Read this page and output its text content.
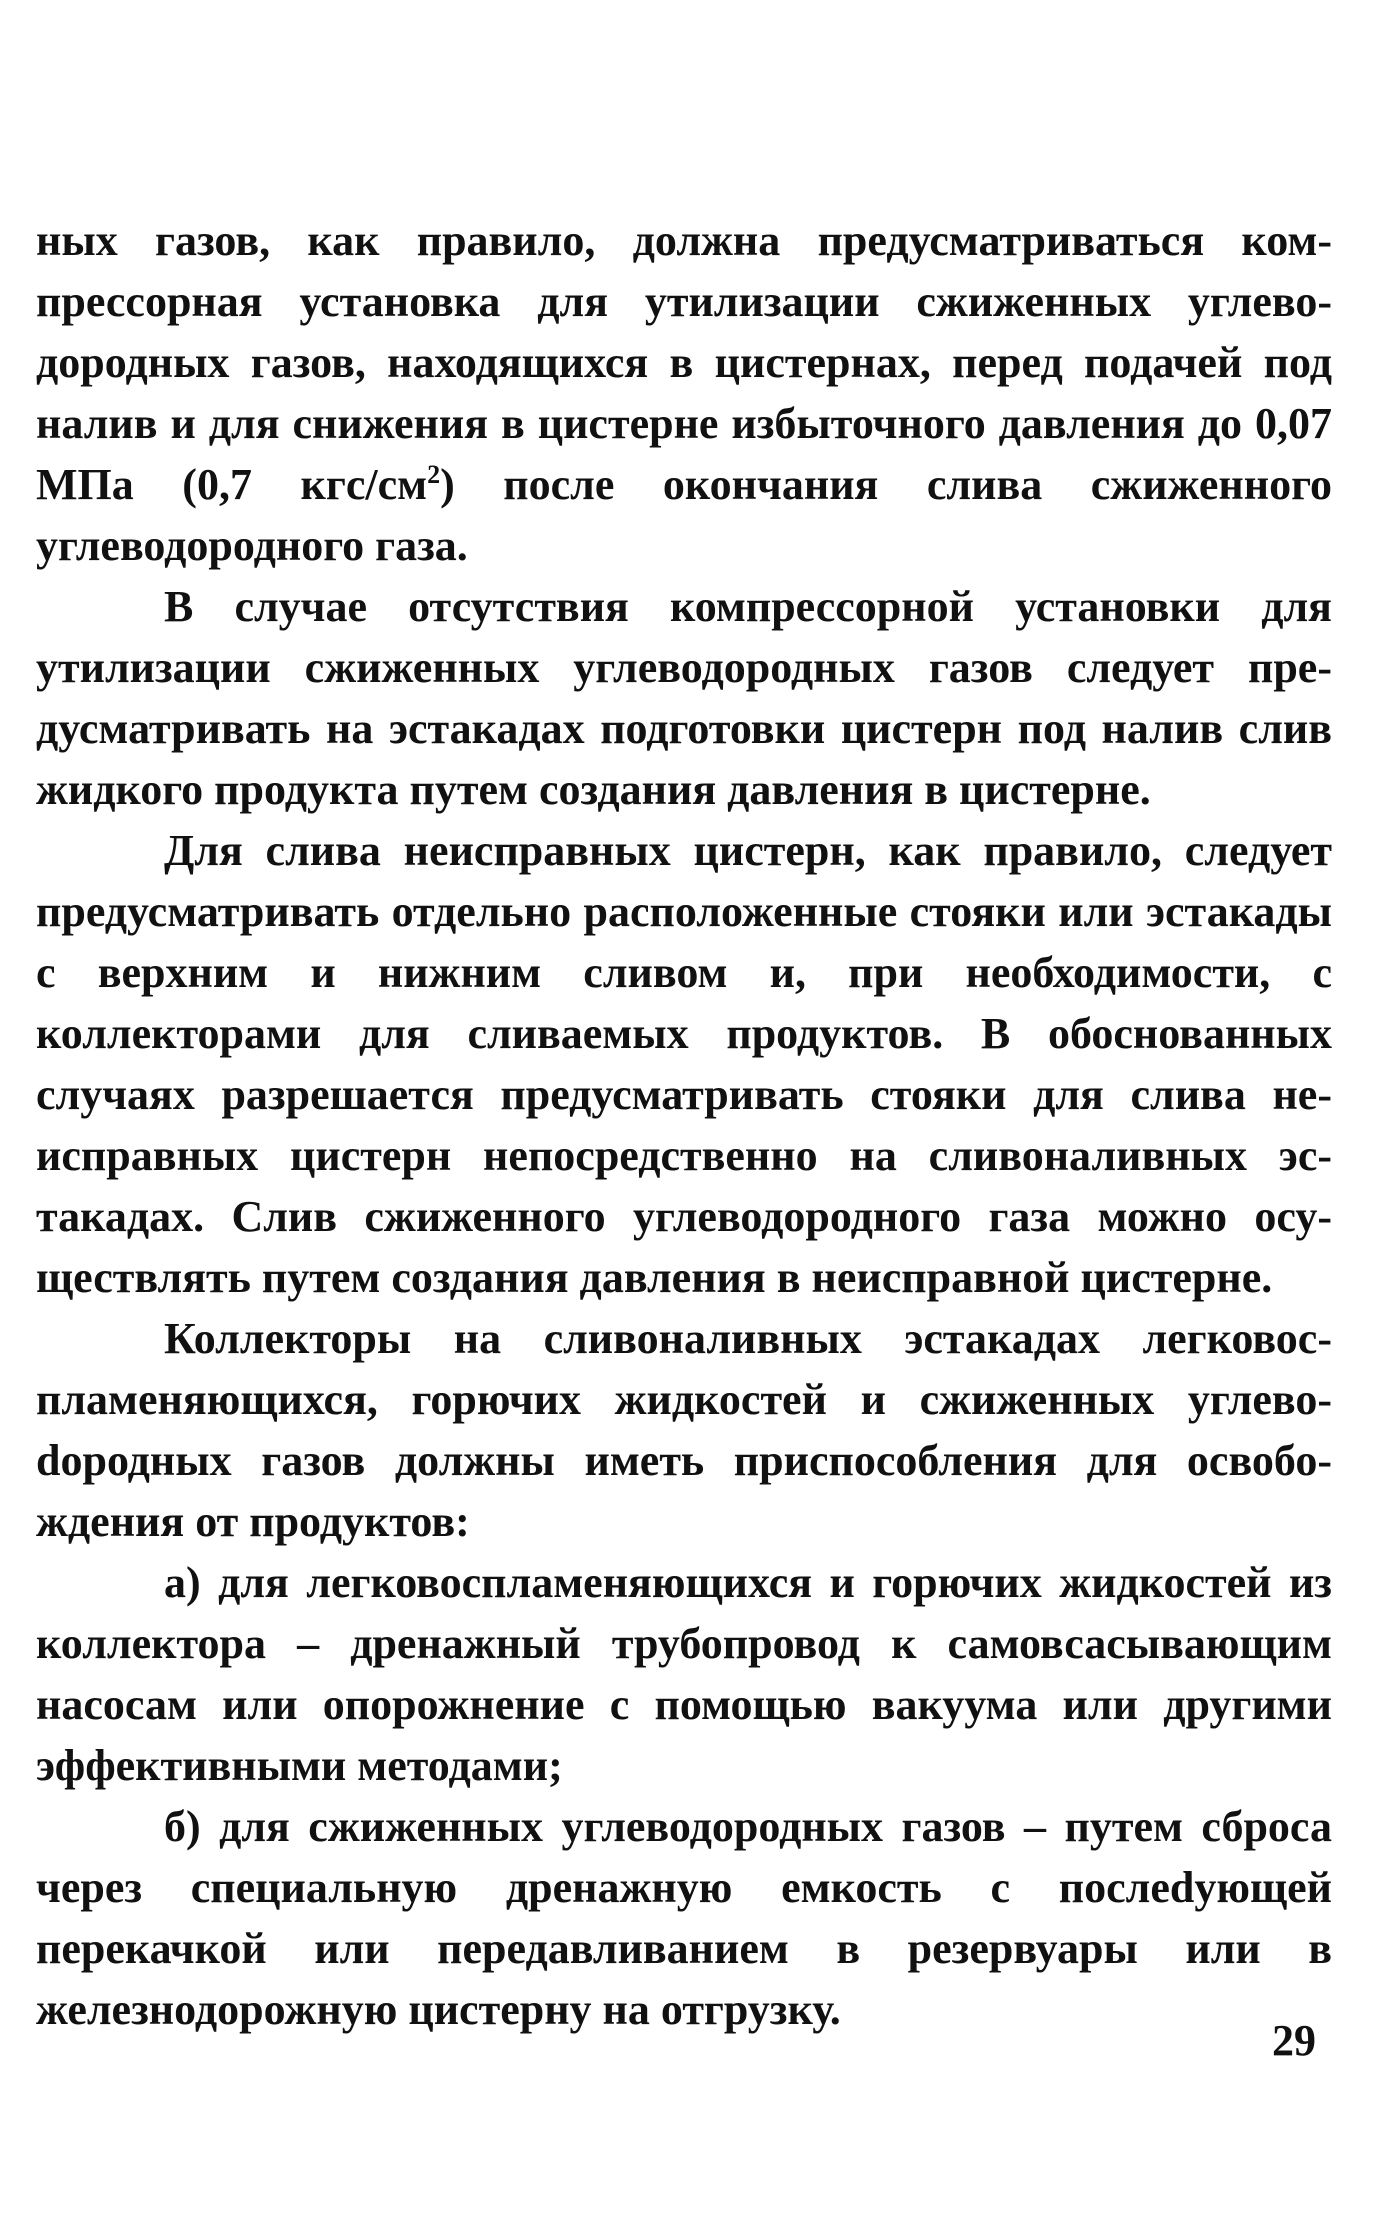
ных газов, как правило, должна предусматриваться компрессорная установка для утилизации сжиженных углеводородных газов, находящихся в цистернах, перед подачей под налив и для снижения в цистерне избыточного давления до 0,07 МПа (0,7 кгс/$см^2$) после окончания слива сжиженного углеводородного газа.

В случае отсутствия компрессорной установки для утилизации сжиженных углеводородных газов следует предусматривать на эстакадах подготовки цистерн под налив слив жидкого продукта путем создания давления в цистерне.

Для слива неисправных цистерн, как правило, следует предусматривать отдельно расположенные стояки или эстакады с верхним и нижним сливом и, при необходимости, с коллекторами для сливаемых продуктов. В обоснованных случаях разрешается предусматривать стояки для слива неисправных цистерн непосредственно на сливоналивных эстакадах. Слив сжиженного углеводородного газа можно осуществлять путем создания давления в неисправной цистерне.

Коллекторы на сливоналивных эстакадах легковоспламеняющихся, горючих жидкостей и сжиженных углевоdородных газов должны иметь приспособления для освобождения от продуктов:

а) для легковоспламеняющихся и горючих жидкостей из коллектора – дренажный трубопровод к самовсасывающим насосам или опорожнение с помощью вакуума или другими эффективными методами;

б) для сжиженных углеводородных газов – путем сброса через специальную дренажную емкость с послеdующей перекачкой или передавливанием в резервуары или в железнодорожную цистерну на отгрузку.

29
